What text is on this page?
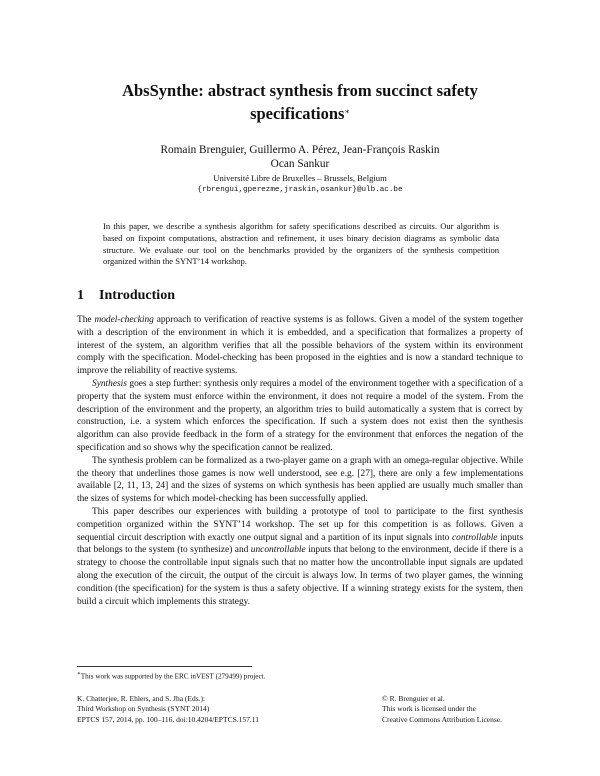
AbsSynthe: abstract synthesis from succinct safety
specifications∗
Romain Brenguier, Guillermo A. Pérez, Jean-François Raskin
Ocan Sankur
Université Libre de Bruxelles – Brussels, Belgium
{rbrengui,gperezme,jraskin,osankur}@ulb.ac.be

In this paper, we describe a synthesis algorithm for safety specifications described as circuits. Our algorithm is based on fixpoint computations, abstraction and refinement, it uses binary decision diagrams as symbolic data structure. We evaluate our tool on the benchmarks provided by the organizers of the synthesis competition organized within the SYNT’14 workshop.

1 Introduction

The model-checking approach to verification of reactive systems is as follows. Given a model of the system together with a description of the environment in which it is embedded, and a specification that formalizes a property of interest of the system, an algorithm verifies that all the possible behaviors of the system within its environment comply with the specification. Model-checking has been proposed in the eighties and is now a standard technique to improve the reliability of reactive systems.

Synthesis goes a step further: synthesis only requires a model of the environment together with a specification of a property that the system must enforce within the environment, it does not require a model of the system. From the description of the environment and the property, an algorithm tries to build automatically a system that is correct by construction, i.e. a system which enforces the specification. If such a system does not exist then the synthesis algorithm can also provide feedback in the form of a strategy for the environment that enforces the negation of the specification and so shows why the specification cannot be realized.

The synthesis problem can be formalized as a two-player game on a graph with an omega-regular objective. While the theory that underlines those games is now well understood, see e.g. [27], there are only a few implementations available [2, 11, 13, 24] and the sizes of systems on which synthesis has been applied are usually much smaller than the sizes of systems for which model-checking has been successfully applied.

This paper describes our experiences with building a prototype of tool to participate to the first synthesis competition organized within the SYNT’14 workshop. The set up for this competition is as follows. Given a sequential circuit description with exactly one output signal and a partition of its input signals into controllable inputs that belongs to the system (to synthesize) and uncontrollable inputs that belong to the environment, decide if there is a strategy to choose the controllable input signals such that no matter how the uncontrollable input signals are updated along the execution of the circuit, the output of the circuit is always low. In terms of two player games, the winning condition (the specification) for the system is thus a safety objective. If a winning strategy exists for the system, then build a circuit which implements this strategy.

∗This work was supported by the ERC inVEST (279499) project.

K. Chatterjee, R. Ehlers, and S. Jha (Eds.):
Third Workshop on Synthesis (SYNT 2014)
EPTCS 157, 2014, pp. 100–116, doi:10.4204/EPTCS.157.11
© R. Brenguier et al.
This work is licensed under the
Creative Commons Attribution License.
